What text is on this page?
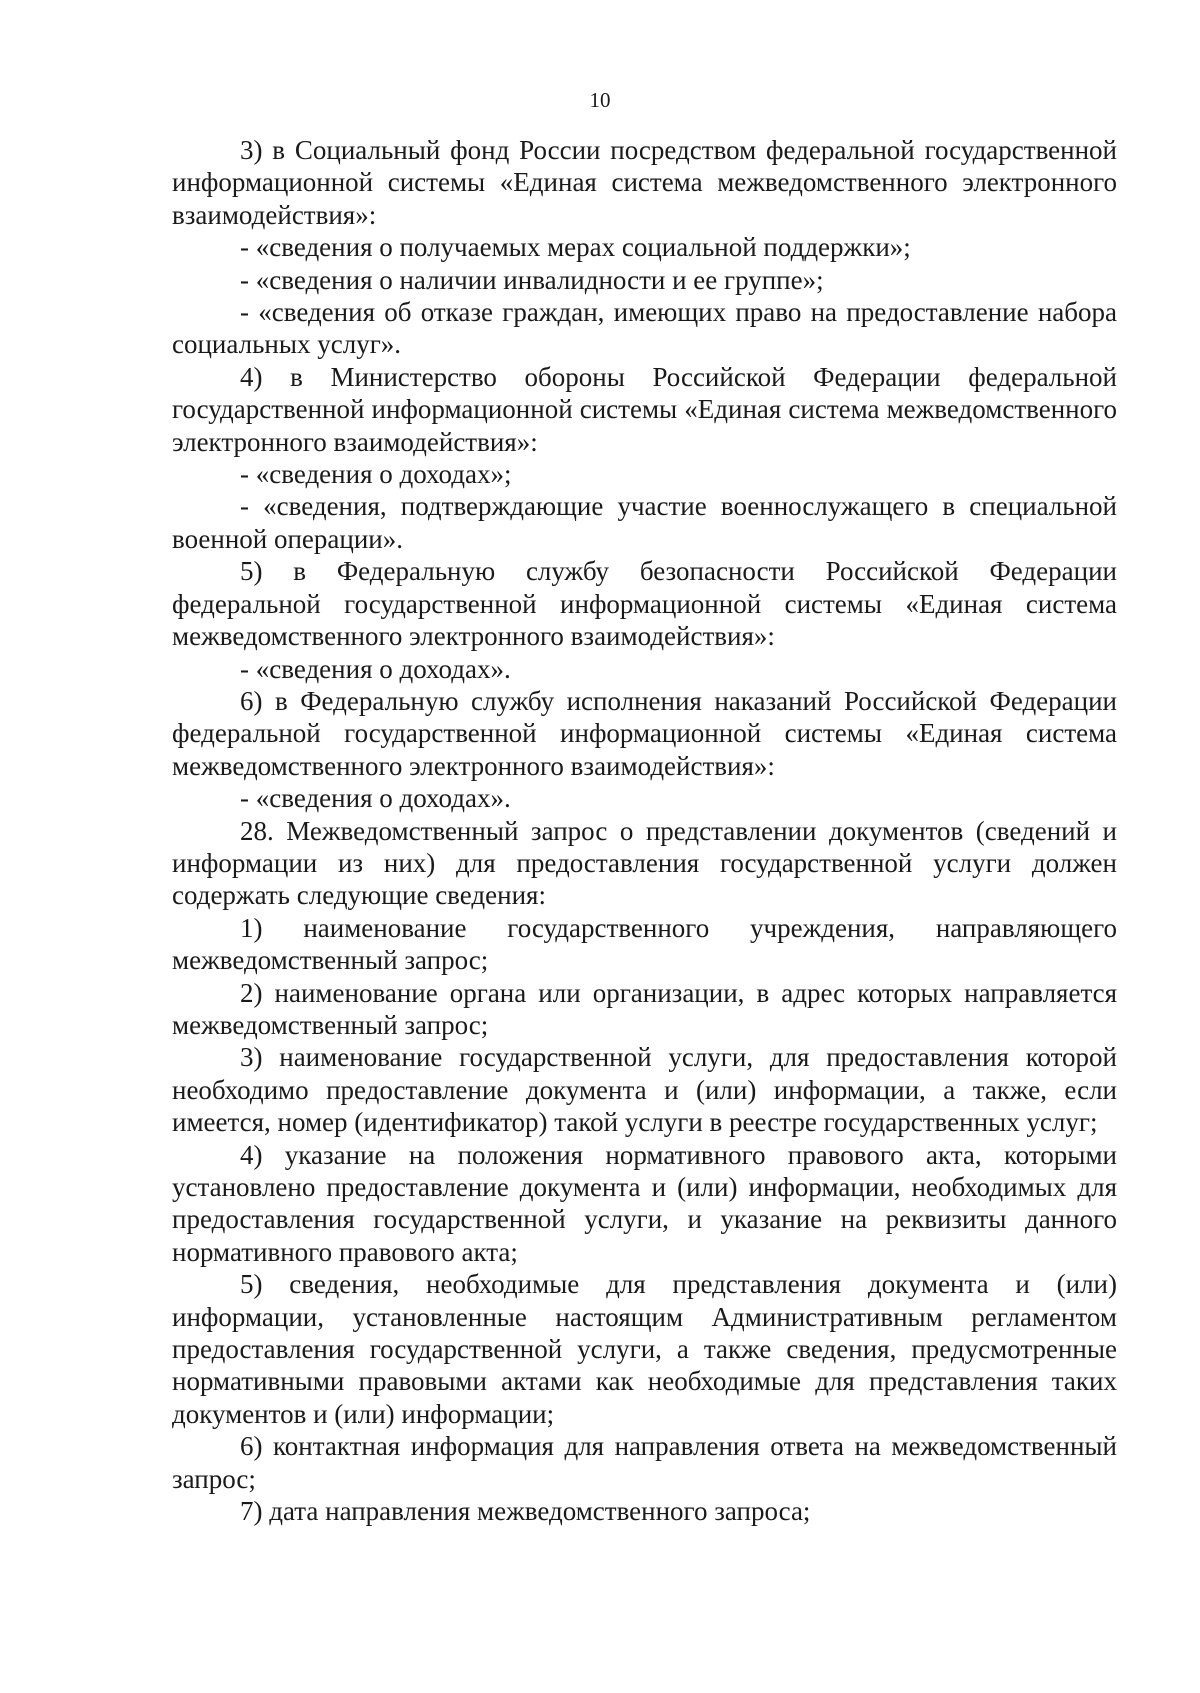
10

3) в Социальный фонд России посредством федеральной государственной информационной системы «Единая система межведомственного электронного взаимодействия»:

- «сведения о получаемых мерах социальной поддержки»;

- «сведения о наличии инвалидности и ее группе»;

- «сведения об отказе граждан, имеющих право на предоставление набора социальных услуг».

4) в Министерство обороны Российской Федерации федеральной государственной информационной системы «Единая система межведомственного электронного взаимодействия»:

- «сведения о доходах»;

- «сведения, подтверждающие участие военнослужащего в специальной военной операции».

5) в Федеральную службу безопасности Российской Федерации федеральной государственной информационной системы «Единая система межведомственного электронного взаимодействия»:

- «сведения о доходах».

6) в Федеральную службу исполнения наказаний Российской Федерации федеральной государственной информационной системы «Единая система межведомственного электронного взаимодействия»:

- «сведения о доходах».

28. Межведомственный запрос о представлении документов (сведений и информации из них) для предоставления государственной услуги должен содержать следующие сведения:

1) наименование государственного учреждения, направляющего межведомственный запрос;

2) наименование органа или организации, в адрес которых направляется межведомственный запрос;

3) наименование государственной услуги, для предоставления которой необходимо предоставление документа и (или) информации, а также, если имеется, номер (идентификатор) такой услуги в реестре государственных услуг;

4) указание на положения нормативного правового акта, которыми установлено предоставление документа и (или) информации, необходимых для предоставления государственной услуги, и указание на реквизиты данного нормативного правового акта;

5) сведения, необходимые для представления документа и (или) информации, установленные настоящим Административным регламентом предоставления государственной услуги, а также сведения, предусмотренные нормативными правовыми актами как необходимые для представления таких документов и (или) информации;

6) контактная информация для направления ответа на межведомственный запрос;

7) дата направления межведомственного запроса;
